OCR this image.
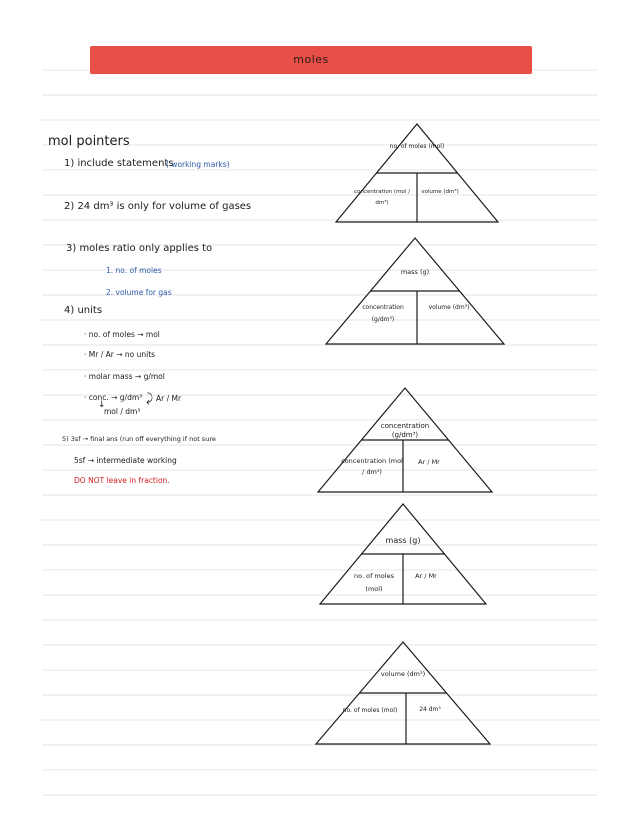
moles
mol pointers
1) include statements
( working marks)
2) 24 dm³ is only for volume of gases
3) moles ratio only applies to
1. no. of moles
2. volume for gas
4) units
· no. of moles → mol
· Mr / Ar → no units
· molar mass → g/mol
· conc. → g/dm³ ⤸ Ar / Mr
↓
mol / dm³
5) 3sf → final ans (run off everything if not sure
5sf → intermediate working
DO NOT leave in fraction.
no. of moles (mol)
concentration (mol / dm³)
volume (dm³)
mass (g)
concentration (g/dm³)
volume (dm³)
concentration (g/dm³)
concentration (mol / dm³)
Ar / Mr
mass (g)
no. of moles (mol)
Ar / Mr
volume (dm³)
no. of moles (mol)	24 dm³
